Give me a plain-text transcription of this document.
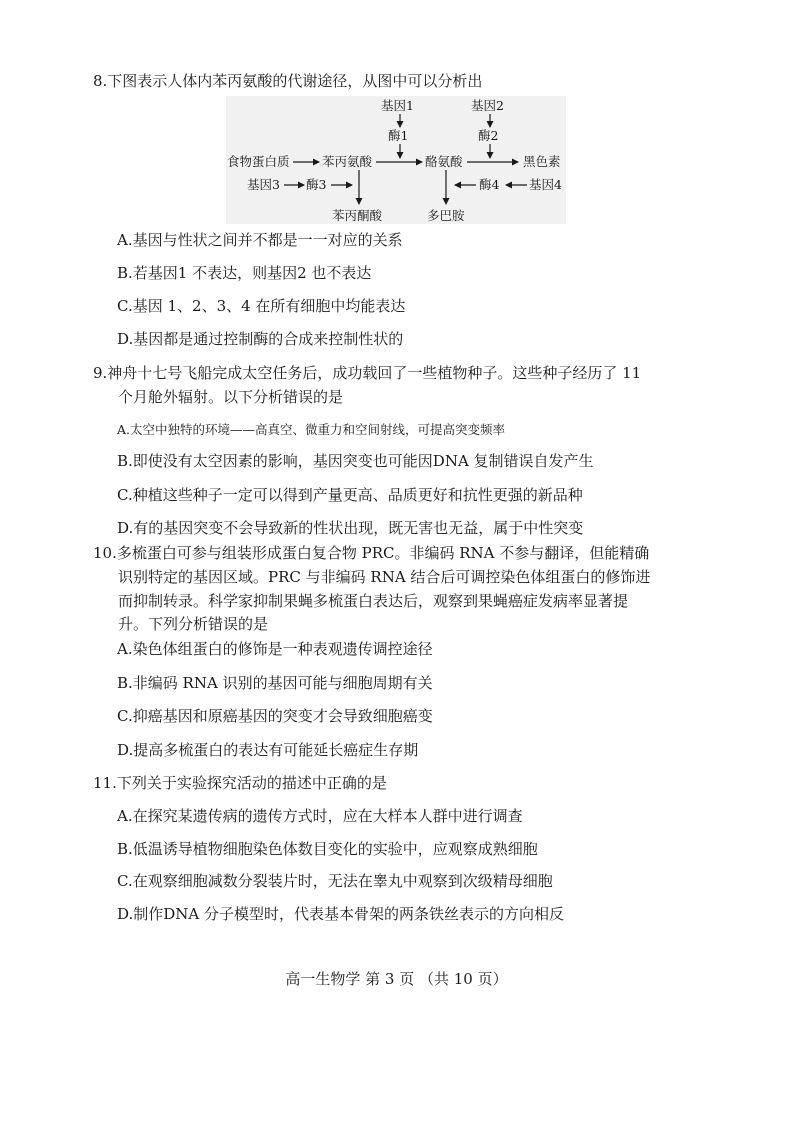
8.下图表示人体内苯丙氨酸的代谢途径，从图中可以分析出
基因1	基因2
酶1	酶2
食物蛋白质	苯丙氨酸	酪氨酸	黑色素
基因3 酶3
苯丙酮酸	多巴胺
酶4 基因4
A.基因与性状之间并不都是一一对应的关系
B.若基因1 不表达，则基因2 也不表达
C.基因 1、2、3、4 在所有细胞中均能表达
D.基因都是通过控制酶的合成来控制性状的
9.神舟十七号飞船完成太空任务后，成功载回了一些植物种子。这些种子经历了 11
个月舱外辐射。以下分析错误的是
A.太空中独特的环境——高真空、微重力和空间射线，可提高突变频率
B.即使没有太空因素的影响，基因突变也可能因DNA 复制错误自发产生
C.种植这些种子一定可以得到产量更高、品质更好和抗性更强的新品种
D.有的基因突变不会导致新的性状出现，既无害也无益，属于中性突变
10.多梳蛋白可参与组装形成蛋白复合物 PRC。非编码 RNA 不参与翻译，但能精确
识别特定的基因区域。PRC 与非编码 RNA 结合后可调控染色体组蛋白的修饰进
而抑制转录。科学家抑制果蝇多梳蛋白表达后，观察到果蝇癌症发病率显著提
升。下列分析错误的是
A.染色体组蛋白的修饰是一种表观遗传调控途径
B.非编码 RNA 识别的基因可能与细胞周期有关
C.抑癌基因和原癌基因的突变才会导致细胞癌变
D.提高多梳蛋白的表达有可能延长癌症生存期
11.下列关于实验探究活动的描述中正确的是
A.在探究某遗传病的遗传方式时，应在大样本人群中进行调查
B.低温诱导植物细胞染色体数目变化的实验中，应观察成熟细胞
C.在观察细胞减数分裂装片时，无法在睾丸中观察到次级精母细胞
D.制作DNA 分子模型时，代表基本骨架的两条铁丝表示的方向相反
高一生物学 第 3 页 （共 10 页）
